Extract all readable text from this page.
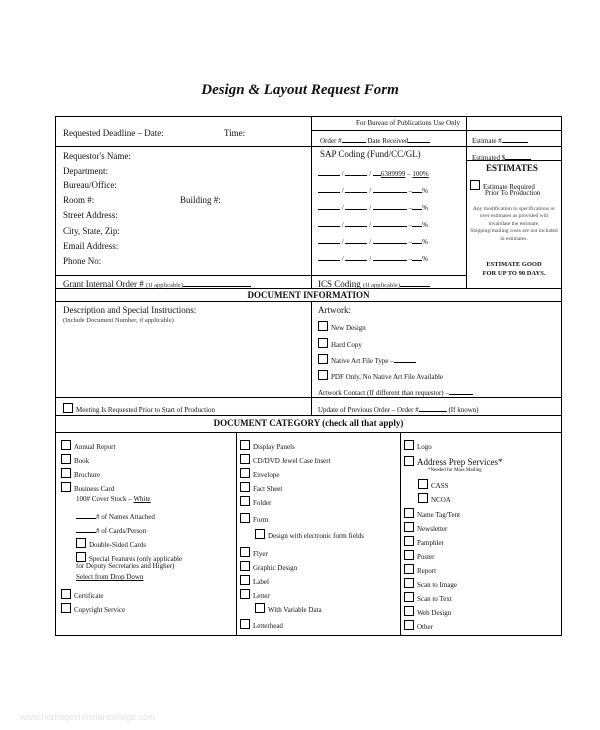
Design & Layout Request Form
Requested Deadline – Date:	Time:
For Bureau of Publications Use Only
Order #	Date Received	Estimate #
Estimated $
Requestor's Name:
Department:
Bureau/Office:
Room #:	Building #:
Street Address:
City, State, Zip:
Email Address:
Phone No:
SAP Coding (Fund/CC/GL)
/	/ 6389999 – 100%
/	/	– %
/	/	– %
/	/	– %
/	/	– %
/	/	– %
ESTIMATES
Estimate Required
Prior To Production
Any modification to specifications or over estimates as provided will invalidate the estimate. Shipping/mailing costs are not included in estimates.
ESTIMATE GOOD
FOR UP TO 90 DAYS.
Grant Internal Order # (If applicable)	ICS Coding (If applicable)
DOCUMENT INFORMATION
Description and Special Instructions:
(Include Document Number, if applicable)
Artwork:
New Design
Hard Copy
Native Art File Type –
PDF Only, No Native Art File Available
Artwork Contact (If different than requestor) –
Meeting Is Requested Prior to Start of Production	Update of Previous Order – Order #	(If known)
DOCUMENT CATEGORY (check all that apply)
Annual Report
Book
Brochure
Business Card
100# Cover Stock – White
# of Names Attached
# of Cards/Person
Double-Sided Cards
Special Features (only applicable
for Deputy Secretaries and Higher)
Select from Drop Down
Certificate
Copyright Service
Display Panels
CD/DVD Jewel Case Insert
Envelope
Fact Sheet
Folder
Form
Design with electronic form fields
Flyer
Graphic Design
Label
Letter
With Variable Data
Letterhead
Logo
Address Prep Services*
*Needed for Mass Mailing
CASS
NCOA
Name Tag/Tent
Newsletter
Pamphlet
Poster
Report
Scan to Image
Scan to Text
Web Design
Other
www.heritagechristiancollege.com
